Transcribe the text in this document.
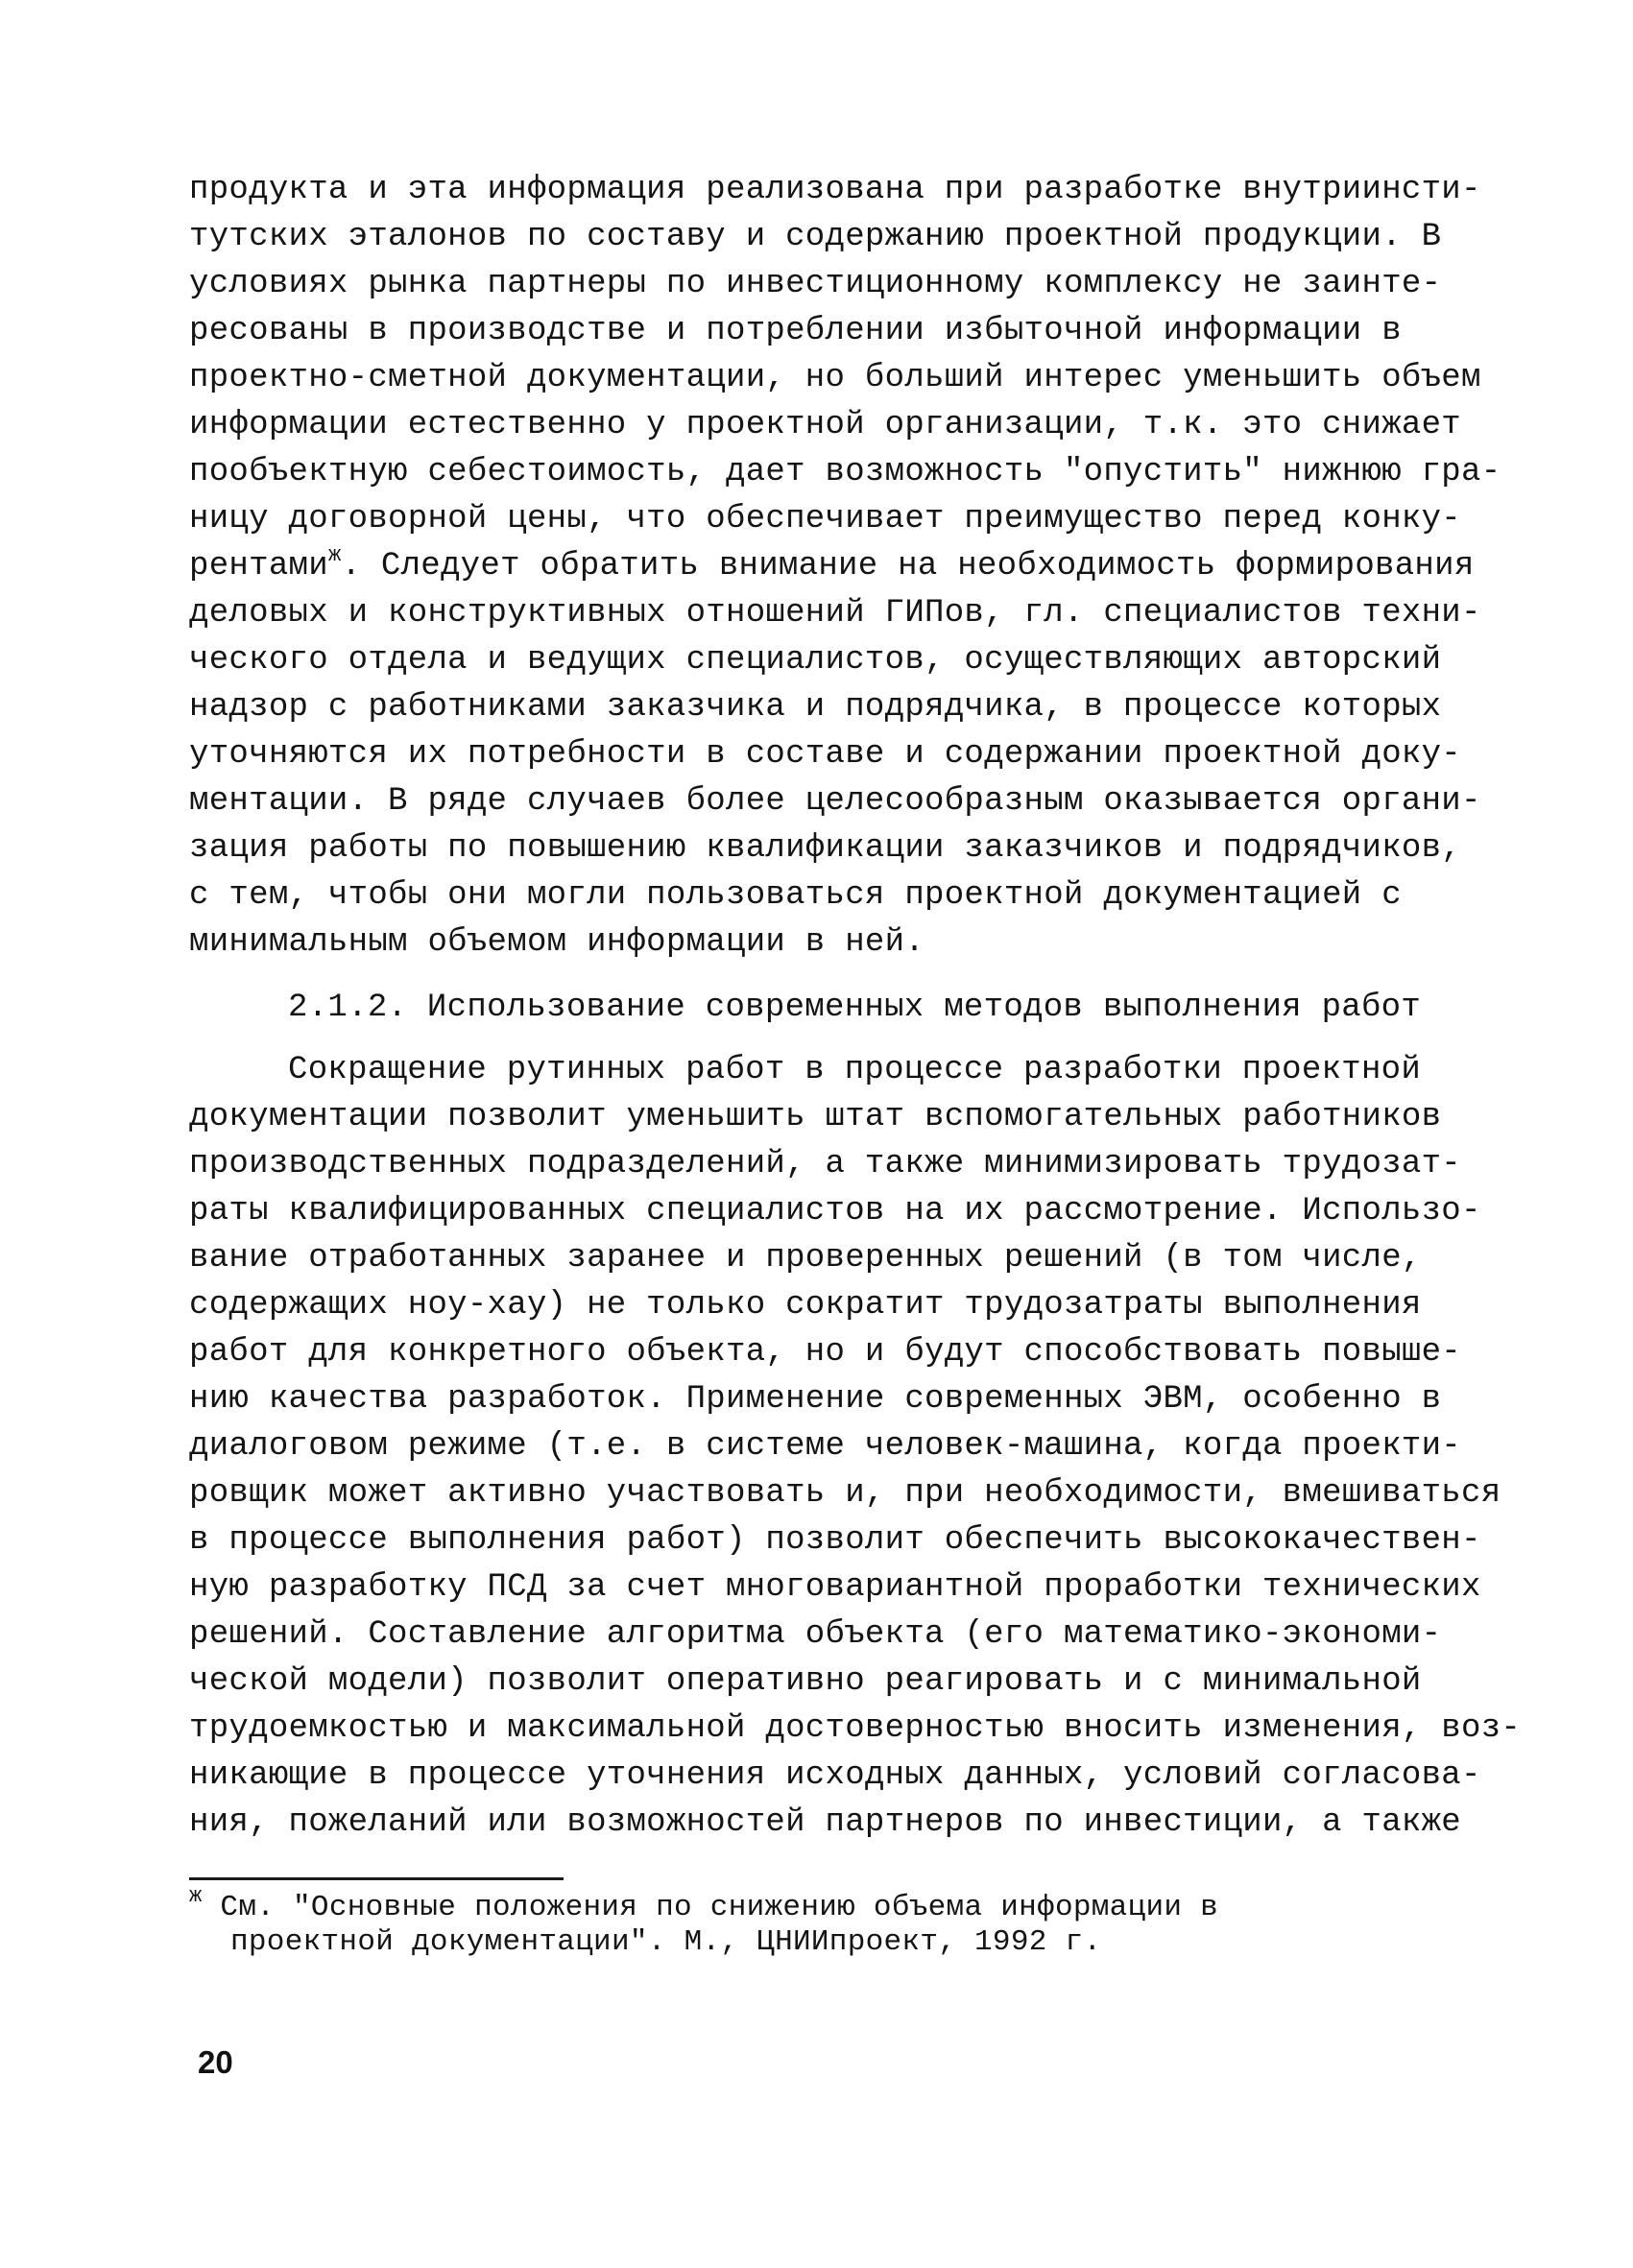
продукта и эта информация реализована при разработке внутриинсти-
тутских эталонов по составу и содержанию проектной продукции. В
условиях рынка партнеры по инвестиционному комплексу не заинте-
ресованы в производстве и потреблении избыточной информации в
проектно-сметной документации, но больший интерес уменьшить объем
информации естественно у проектной организации, т.к. это снижает
пообъектную себестоимость, дает возможность "опустить" нижнюю гра-
ницу договорной цены, что обеспечивает преимущество перед конку-
рентами$^ж$. Следует обратить внимание на необходимость формирования
деловых и конструктивных отношений ГИПов, гл. специалистов техни-
ческого отдела и ведущих специалистов, осуществляющих авторский
надзор с работниками заказчика и подрядчика, в процессе которых
уточняются их потребности в составе и содержании проектной доку-
ментации. В ряде случаев более целесообразным оказывается органи-
зация работы по повышению квалификации заказчиков и подрядчиков,
с тем, чтобы они могли пользоваться проектной документацией с
минимальным объемом информации в ней.
2.1.2. Использование современных методов выполнения работ
Сокращение рутинных работ в процессе разработки проектной
документации позволит уменьшить штат вспомогательных работников
производственных подразделений, а также минимизировать трудозат-
раты квалифицированных специалистов на их рассмотрение. Использо-
вание отработанных заранее и проверенных решений (в том числе,
содержащих ноу-хау) не только сократит трудозатраты выполнения
работ для конкретного объекта, но и будут способствовать повыше-
нию качества разработок. Применение современных ЭВМ, особенно в
диалоговом режиме (т.е. в системе человек-машина, когда проекти-
ровщик может активно участвовать и, при необходимости, вмешиваться
в процессе выполнения работ) позволит обеспечить высококачествен-
ную разработку ПСД за счет многовариантной проработки технических
решений. Составление алгоритма объекта (его математико-экономи-
ческой модели) позволит оперативно реагировать и с минимальной
трудоемкостью и максимальной достоверностью вносить изменения, воз-
никающие в процессе уточнения исходных данных, условий согласова-
ния, пожеланий или возможностей партнеров по инвестиции, а также
$^ж$ См. "Основные положения по снижению объема информации в
проектной документации". М., ЦНИИпроект, 1992 г.
20
